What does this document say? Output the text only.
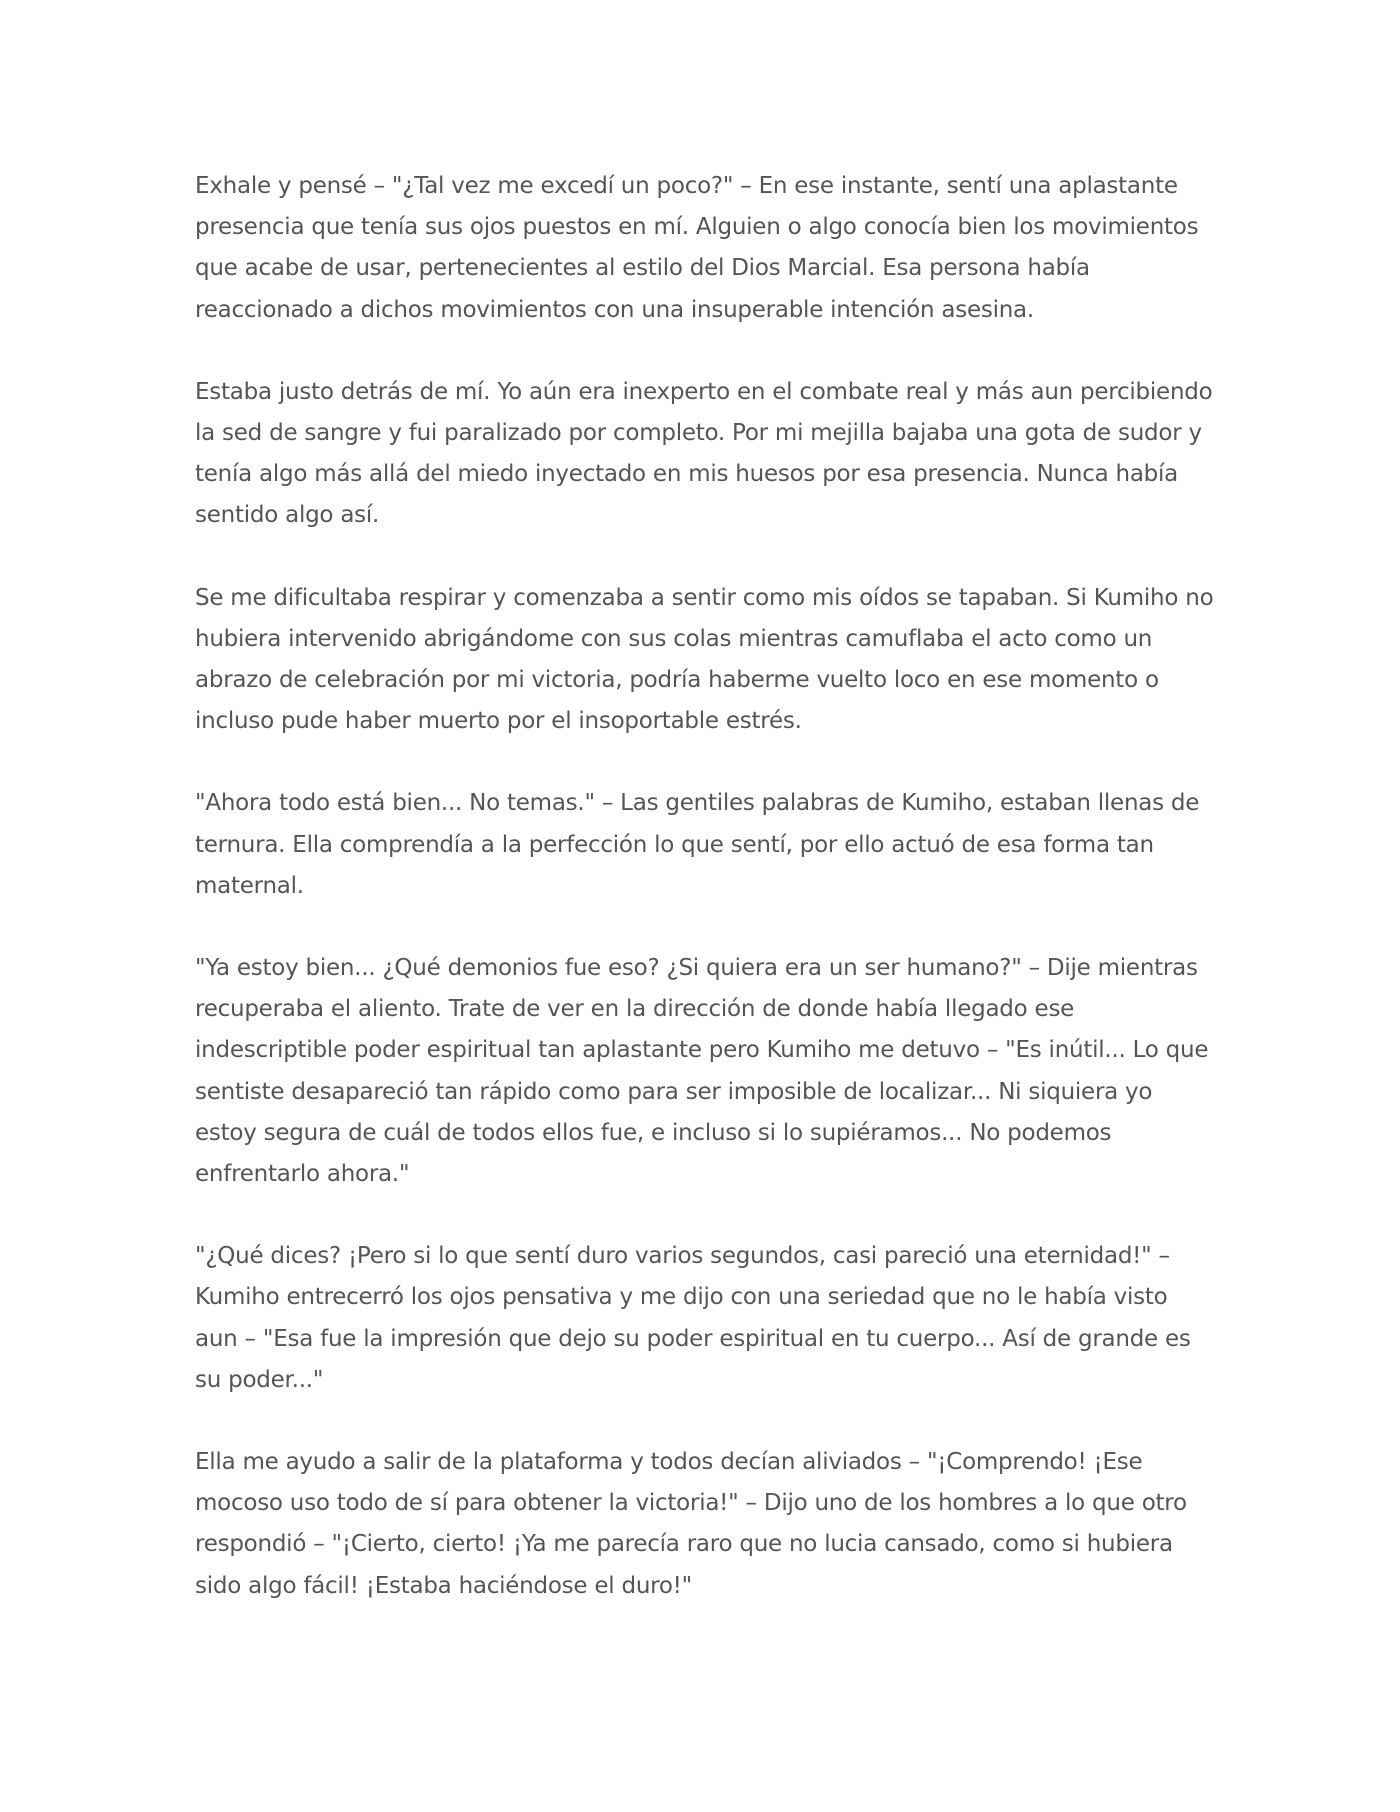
Exhale y pensé – "¿Tal vez me excedí un poco?" – En ese instante, sentí una aplastante presencia que tenía sus ojos puestos en mí. Alguien o algo conocía bien los movimientos que acabe de usar, pertenecientes al estilo del Dios Marcial. Esa persona había reaccionado a dichos movimientos con una insuperable intención asesina.

Estaba justo detrás de mí. Yo aún era inexperto en el combate real y más aun percibiendo la sed de sangre y fui paralizado por completo. Por mi mejilla bajaba una gota de sudor y tenía algo más allá del miedo inyectado en mis huesos por esa presencia. Nunca había sentido algo así.

Se me dificultaba respirar y comenzaba a sentir como mis oídos se tapaban. Si Kumiho no hubiera intervenido abrigándome con sus colas mientras camuflaba el acto como un abrazo de celebración por mi victoria, podría haberme vuelto loco en ese momento o incluso pude haber muerto por el insoportable estrés.

"Ahora todo está bien... No temas." – Las gentiles palabras de Kumiho, estaban llenas de ternura. Ella comprendía a la perfección lo que sentí, por ello actuó de esa forma tan maternal.

"Ya estoy bien... ¿Qué demonios fue eso? ¿Si quiera era un ser humano?" – Dije mientras recuperaba el aliento. Trate de ver en la dirección de donde había llegado ese indescriptible poder espiritual tan aplastante pero Kumiho me detuvo – "Es inútil... Lo que sentiste desapareció tan rápido como para ser imposible de localizar... Ni siquiera yo estoy segura de cuál de todos ellos fue, e incluso si lo supiéramos... No podemos enfrentarlo ahora."

"¿Qué dices? ¡Pero si lo que sentí duro varios segundos, casi pareció una eternidad!" – Kumiho entrecerró los ojos pensativa y me dijo con una seriedad que no le había visto aun – "Esa fue la impresión que dejo su poder espiritual en tu cuerpo... Así de grande es su poder..."

Ella me ayudo a salir de la plataforma y todos decían aliviados – "¡Comprendo! ¡Ese mocoso uso todo de sí para obtener la victoria!" – Dijo uno de los hombres a lo que otro respondió – "¡Cierto, cierto! ¡Ya me parecía raro que no lucia cansado, como si hubiera sido algo fácil! ¡Estaba haciéndose el duro!"
